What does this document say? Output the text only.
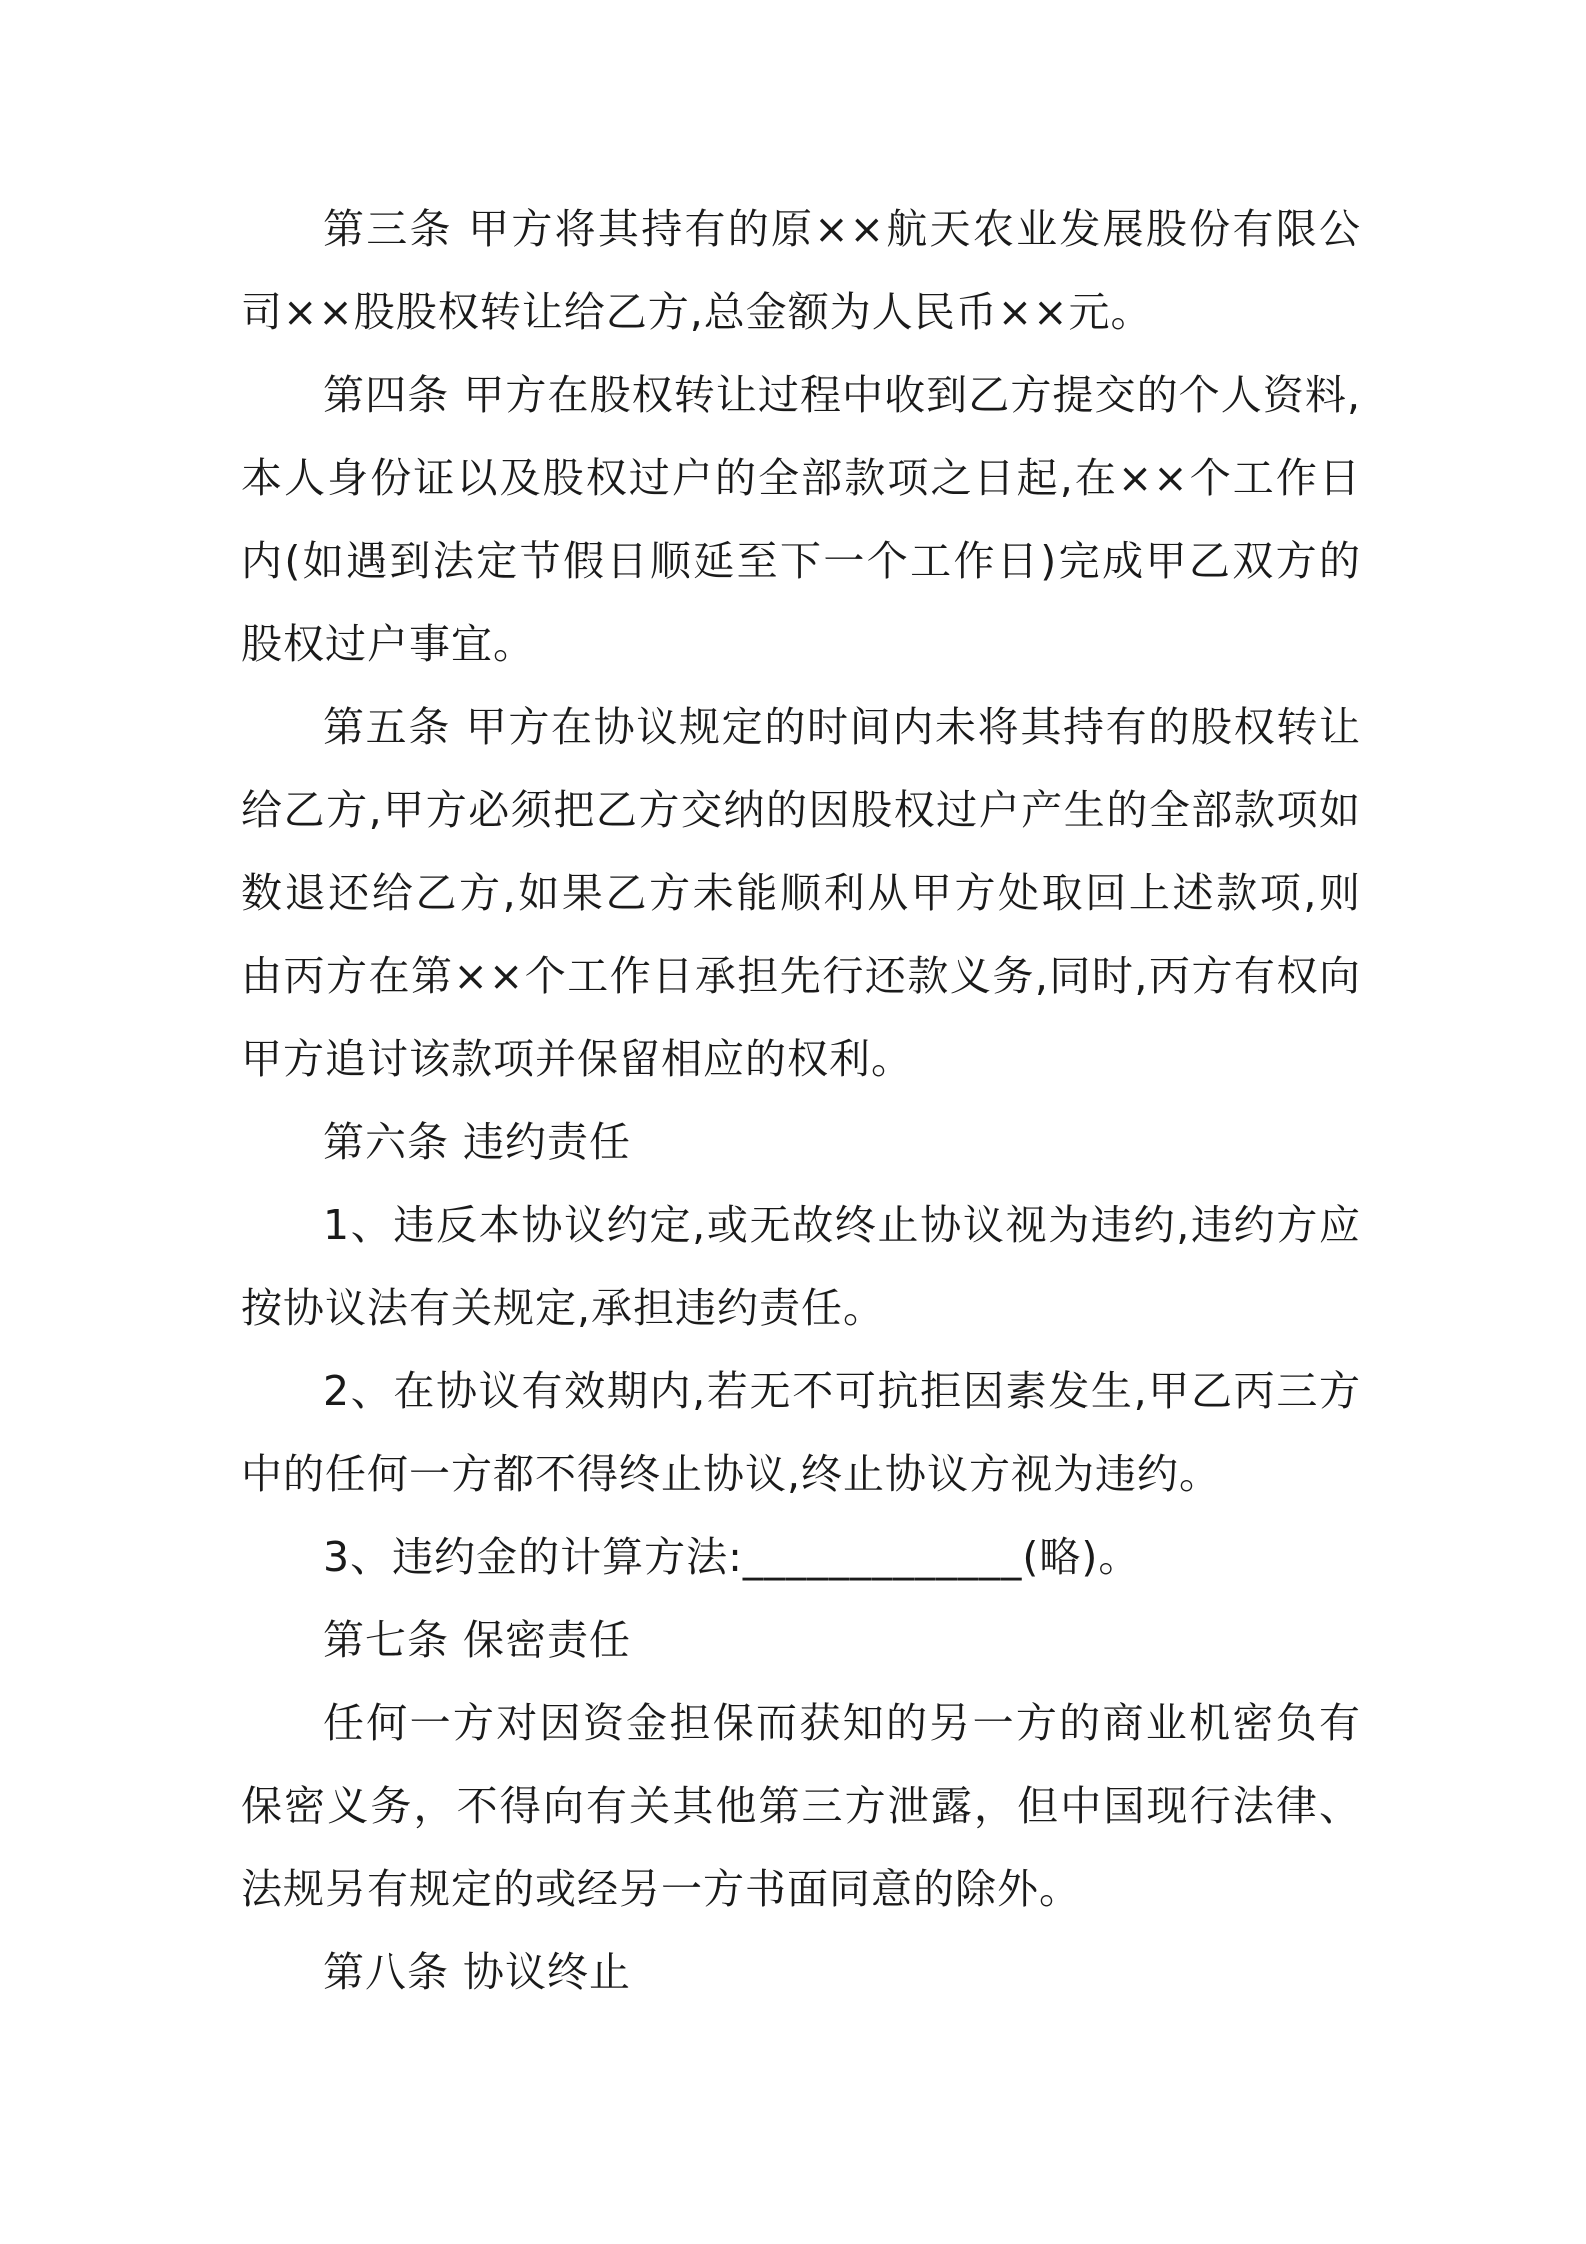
第三条 甲方将其持有的原××航天农业发展股份有限公司××股股权转让给乙方,总金额为人民币××元。

第四条 甲方在股权转让过程中收到乙方提交的个人资料,本人身份证以及股权过户的全部款项之日起,在××个工作日内(如遇到法定节假日顺延至下一个工作日)完成甲乙双方的股权过户事宜。

第五条 甲方在协议规定的时间内未将其持有的股权转让给乙方,甲方必须把乙方交纳的因股权过户产生的全部款项如数退还给乙方,如果乙方未能顺利从甲方处取回上述款项,则由丙方在第××个工作日承担先行还款义务,同时,丙方有权向甲方追讨该款项并保留相应的权利。

第六条 违约责任

1、违反本协议约定,或无故终止协议视为违约,违约方应按协议法有关规定,承担违约责任。

2、在协议有效期内,若无不可抗拒因素发生,甲乙丙三方中的任何一方都不得终止协议,终止协议方视为违约。

3、违约金的计算方法:_____________(略)。

第七条 保密责任

任何一方对因资金担保而获知的另一方的商业机密负有保密义务，不得向有关其他第三方泄露，但中国现行法律、法规另有规定的或经另一方书面同意的除外。

第八条 协议终止
